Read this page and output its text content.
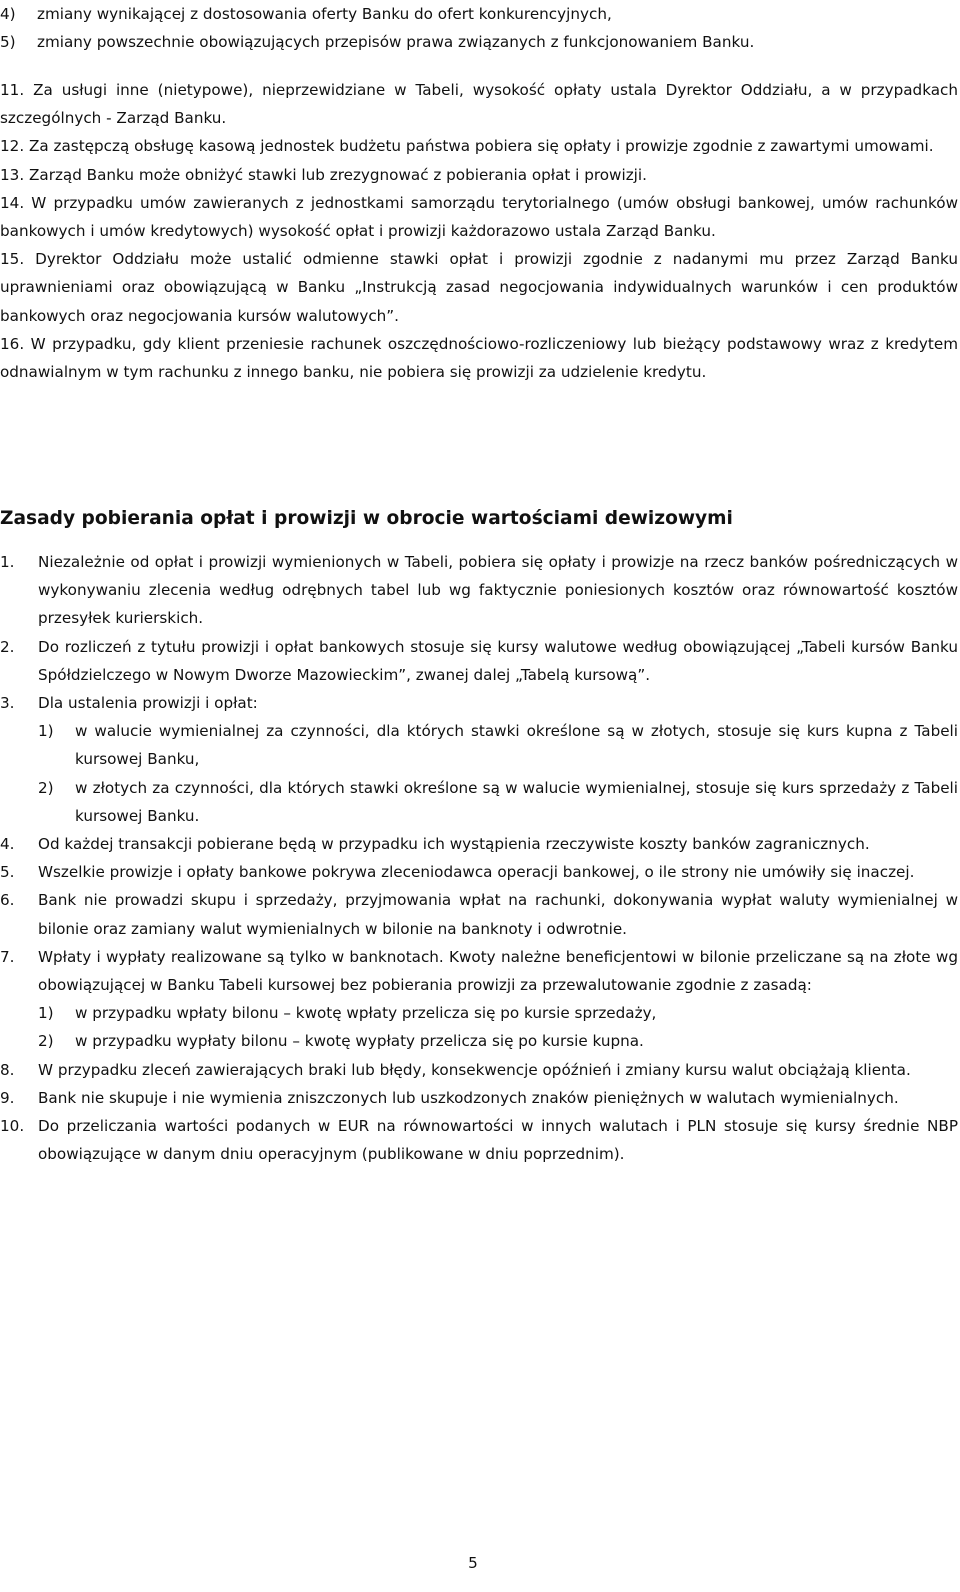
4)	zmiany wynikającej z dostosowania oferty Banku do ofert konkurencyjnych,
5)	zmiany powszechnie obowiązujących przepisów prawa związanych z funkcjonowaniem Banku.
11. Za usługi inne (nietypowe), nieprzewidziane w Tabeli, wysokość opłaty ustala Dyrektor Oddziału, a w przypadkach szczególnych - Zarząd Banku.
12. Za zastępczą obsługę kasową jednostek budżetu państwa pobiera się opłaty i prowizje zgodnie z zawartymi umowami.
13. Zarząd Banku może obniżyć stawki lub zrezygnować z pobierania opłat i prowizji.
14. W przypadku umów zawieranych z jednostkami samorządu terytorialnego (umów obsługi bankowej, umów rachunków bankowych i umów kredytowych) wysokość opłat i prowizji każdorazowo ustala Zarząd Banku.
15. Dyrektor Oddziału może ustalić odmienne stawki opłat i prowizji zgodnie z nadanymi mu przez Zarząd Banku uprawnieniami oraz obowiązującą w Banku „Instrukcją zasad negocjowania indywidualnych warunków i cen produktów bankowych oraz negocjowania kursów walutowych”.
16. W przypadku, gdy klient przeniesie rachunek oszczędnościowo-rozliczeniowy lub bieżący podstawowy wraz z kredytem odnawialnym w tym rachunku z innego banku, nie pobiera się prowizji za udzielenie kredytu.
Zasady pobierania opłat i prowizji w obrocie wartościami dewizowymi
1.	Niezależnie od opłat i prowizji wymienionych w Tabeli, pobiera się opłaty i prowizje na rzecz banków pośredniczących w wykonywaniu zlecenia według odrębnych tabel lub wg faktycznie poniesionych kosztów oraz równowartość kosztów przesyłek kurierskich.
2.	Do rozliczeń z tytułu prowizji i opłat bankowych stosuje się kursy walutowe według obowiązującej „Tabeli kursów Banku Spółdzielczego w Nowym Dworze Mazowieckim”, zwanej dalej „Tabelą kursową”.
3.	Dla ustalenia prowizji i opłat:
1)	w walucie wymienialnej za czynności, dla których stawki określone są w złotych, stosuje się kurs kupna z Tabeli kursowej Banku,
2)	w złotych za czynności, dla których stawki określone są w walucie wymienialnej, stosuje się kurs sprzedaży z Tabeli kursowej Banku.
4.	Od każdej transakcji pobierane będą w przypadku ich wystąpienia rzeczywiste koszty banków zagranicznych.
5.	Wszelkie prowizje i opłaty bankowe pokrywa zleceniodawca operacji bankowej, o ile strony nie umówiły się inaczej.
6.	Bank nie prowadzi skupu i sprzedaży, przyjmowania wpłat na rachunki, dokonywania wypłat waluty wymienialnej w bilonie oraz zamiany walut wymienialnych w bilonie na banknoty i odwrotnie.
7.	Wpłaty i wypłaty realizowane są tylko w banknotach. Kwoty należne beneficjentowi w bilonie przeliczane są na złote wg obowiązującej w Banku Tabeli kursowej bez pobierania prowizji za przewalutowanie zgodnie z zasadą:
1)	w przypadku wpłaty bilonu – kwotę wpłaty przelicza się po kursie sprzedaży,
2)	w przypadku wypłaty bilonu – kwotę wypłaty przelicza się po kursie kupna.
8.	W przypadku zleceń zawierających braki lub błędy, konsekwencje opóźnień i zmiany kursu walut obciążają klienta.
9.	Bank nie skupuje i nie wymienia zniszczonych lub uszkodzonych znaków pieniężnych w walutach wymienialnych.
10. Do przeliczania wartości podanych w EUR na równowartości w innych walutach i PLN stosuje się kursy średnie NBP obowiązujące w danym dniu operacyjnym (publikowane w dniu poprzednim).
5
